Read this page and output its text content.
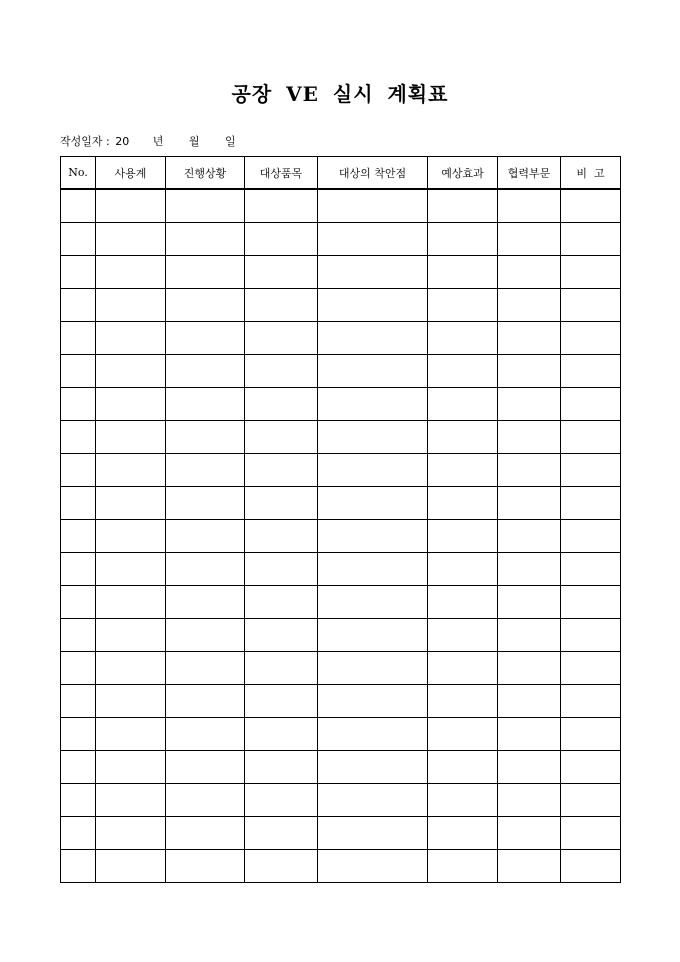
공장 VE 실시 계획표
작성일자 : 20 년 월 일
No.	사용계	진행상황	대상품목	대상의 착안점	예상효과	협력부문	비  고
